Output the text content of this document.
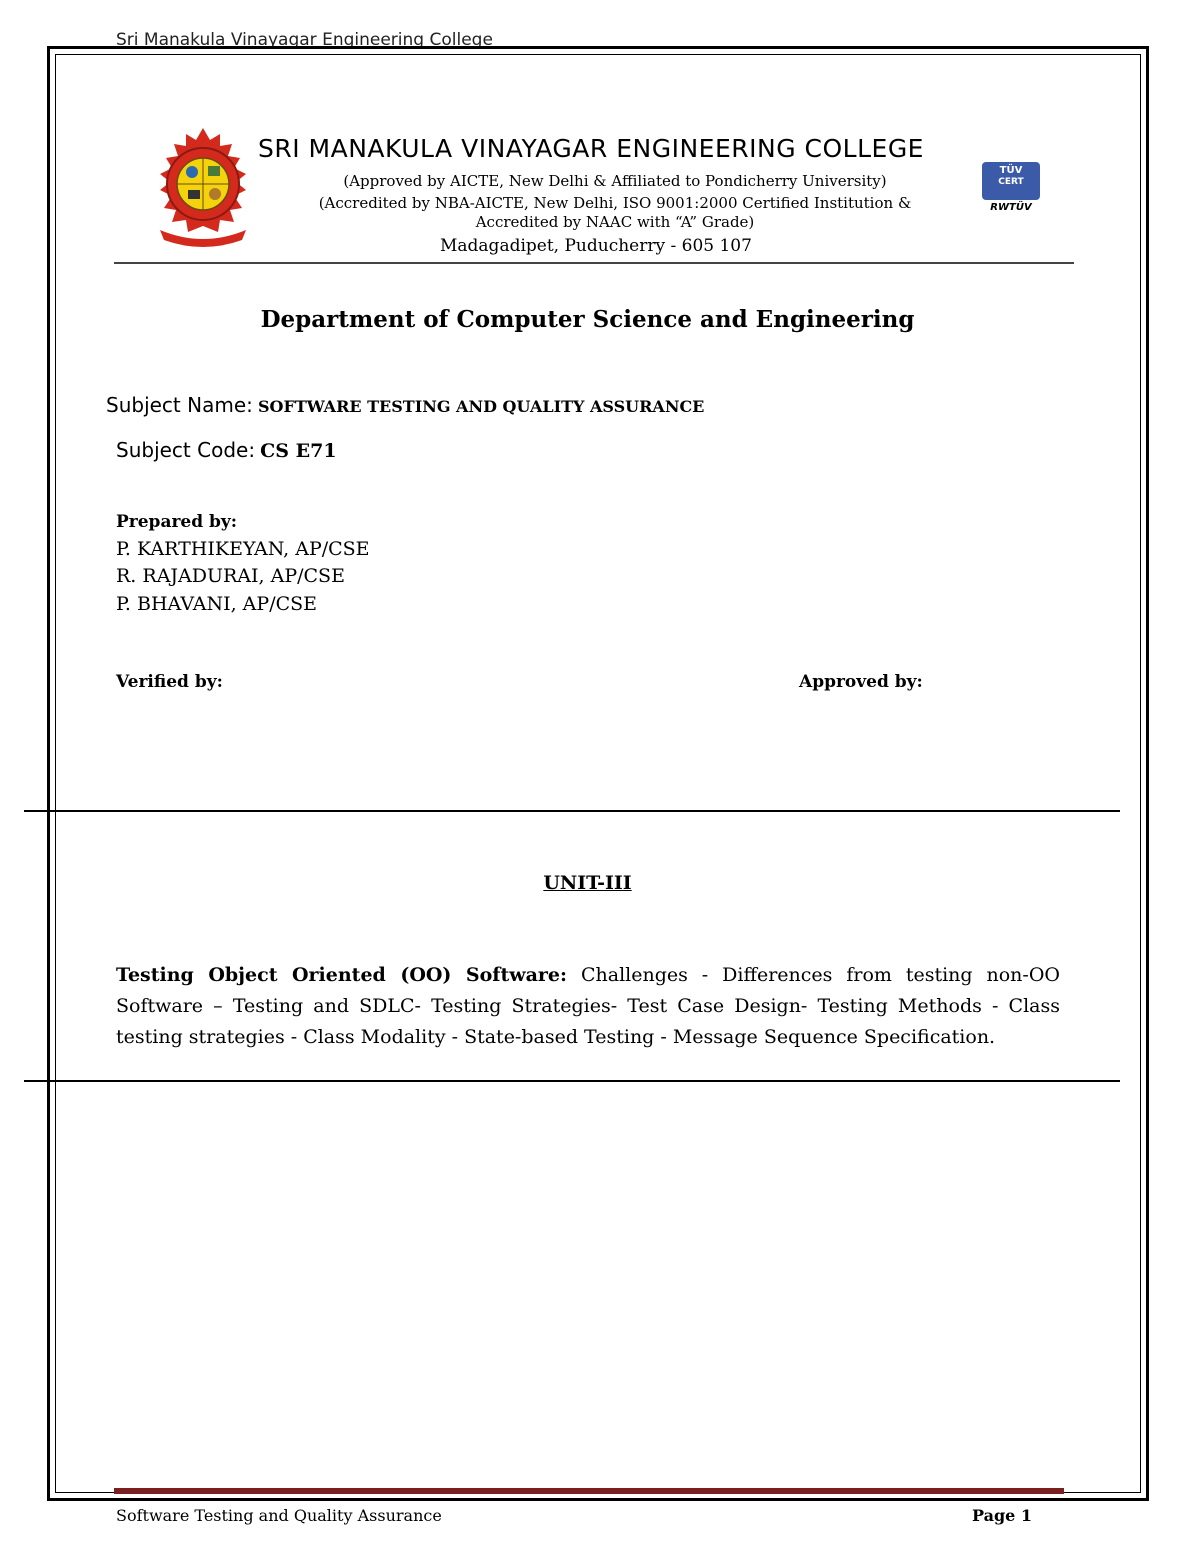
Sri Manakula Vinayagar Engineering College
SRI MANAKULA VINAYAGAR ENGINEERING COLLEGE
(Approved by AICTE, New Delhi & Affiliated to Pondicherry University)
(Accredited by NBA-AICTE, New Delhi, ISO 9001:2000 Certified Institution &
Accredited by NAAC with “A” Grade)
Madagadipet, Puducherry - 605 107
TÜV
CERT
RWTÜV
Department of Computer Science and Engineering
Subject Name: SOFTWARE TESTING AND QUALITY ASSURANCE
Subject Code: CS E71
Prepared by:
P. KARTHIKEYAN, AP/CSE
R. RAJADURAI, AP/CSE
P. BHAVANI, AP/CSE
Verified by:	Approved by:
UNIT-III
Testing Object Oriented (OO) Software: Challenges - Differences from testing non-OO Software – Testing and SDLC- Testing Strategies- Test Case Design- Testing Methods - Class testing strategies - Class Modality - State-based Testing - Message Sequence Specification.
Software Testing and Quality Assurance	Page 1
